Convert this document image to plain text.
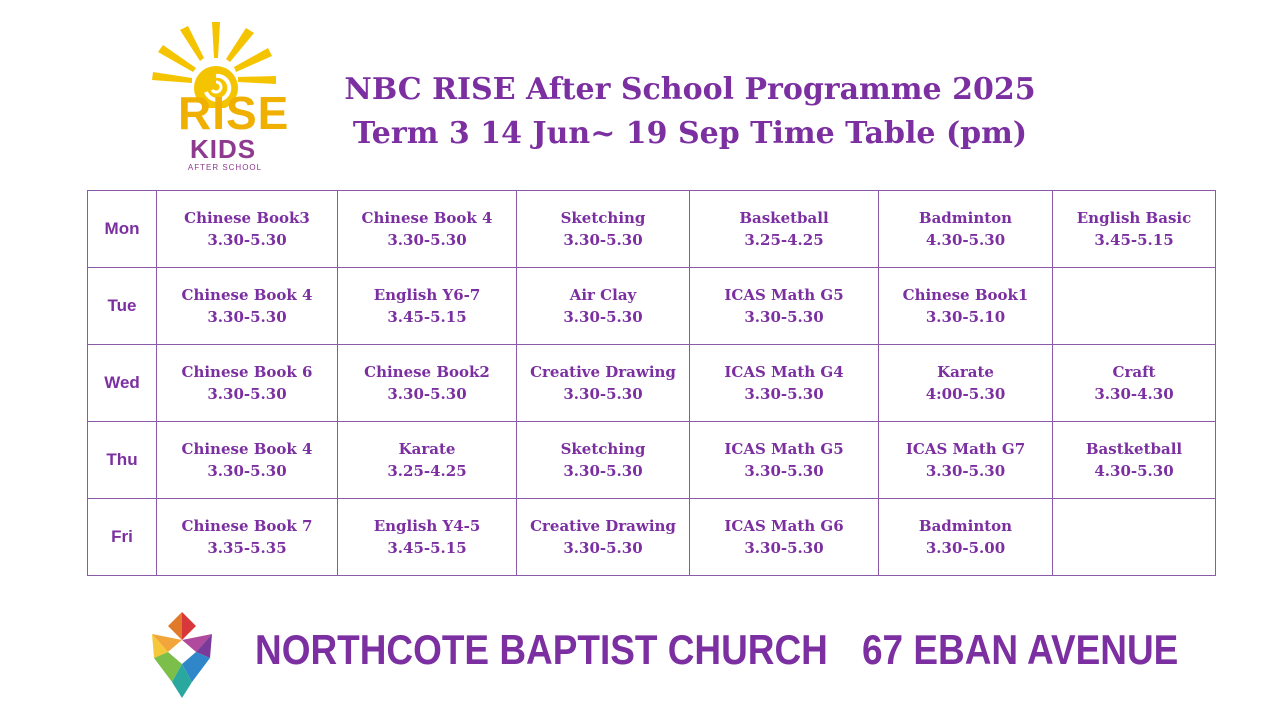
RISE
KIDS
AFTER SCHOOL
NBC RISE After School Programme 2025
Term 3 14 Jun~ 19 Sep Time Table (pm)
Mon	Chinese Book3
3.30-5.30	Chinese Book 4
3.30-5.30	Sketching
3.30-5.30	Basketball
3.25-4.25	Badminton
4.30-5.30	English Basic
3.45-5.15

Tue	Chinese Book 4
3.30-5.30	English Y6-7
3.45-5.15	Air Clay
3.30-5.30	ICAS Math G5
3.30-5.30	Chinese Book1
3.30-5.10	

Wed	Chinese Book 6
3.30-5.30	Chinese Book2
3.30-5.30	Creative Drawing
3.30-5.30	ICAS Math G4
3.30-5.30	Karate
4:00-5.30	Craft
3.30-4.30

Thu	Chinese Book 4
3.30-5.30	Karate
3.25-4.25	Sketching
3.30-5.30	ICAS Math G5
3.30-5.30	ICAS Math G7
3.30-5.30	Bastketball
4.30-5.30

Fri	Chinese Book 7
3.35-5.35	English Y4-5
3.45-5.15	Creative Drawing
3.30-5.30	ICAS Math G6
3.30-5.30	Badminton
3.30-5.00	

NORTHCOTE BAPTIST CHURCH 67 EBAN AVENUE
